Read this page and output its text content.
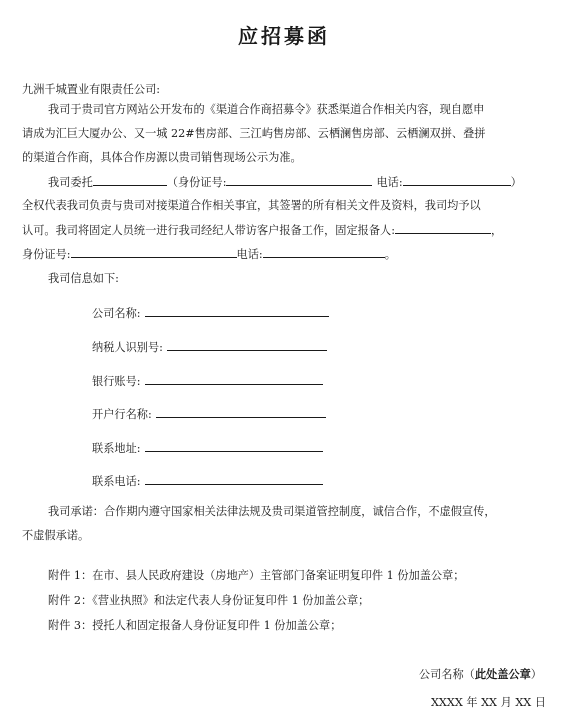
应招募函
九洲千城置业有限责任公司:
我司于贵司官方网站公开发布的《渠道合作商招募令》获悉渠道合作相关内容，现自愿申
请成为汇巨大厦办公、又一城 22#售房部、三江屿售房部、云栖澜售房部、云栖澜双拼、叠拼
的渠道合作商，具体合作房源以贵司销售现场公示为准。
我司委托	（身份证号:	电话:	）
全权代表我司负责与贵司对接渠道合作相关事宜，其签署的所有相关文件及资料，我司均予以
认可。我司将固定人员统一进行我司经纪人带访客户报备工作，固定报备人:	，
身份证号:	电话:	。
我司信息如下:
公司名称:
纳税人识别号:
银行账号:
开户行名称:
联系地址:
联系电话:
我司承诺：合作期内遵守国家相关法律法规及贵司渠道管控制度，诚信合作，不虚假宣传，
不虚假承诺。
附件 1：在市、县人民政府建设（房地产）主管部门备案证明复印件 1 份加盖公章；
附件 2：《营业执照》和法定代表人身份证复印件 1 份加盖公章；
附件 3：授托人和固定报备人身份证复印件 1 份加盖公章；
公司名称（此处盖公章）
XXXX 年 XX 月 XX 日
